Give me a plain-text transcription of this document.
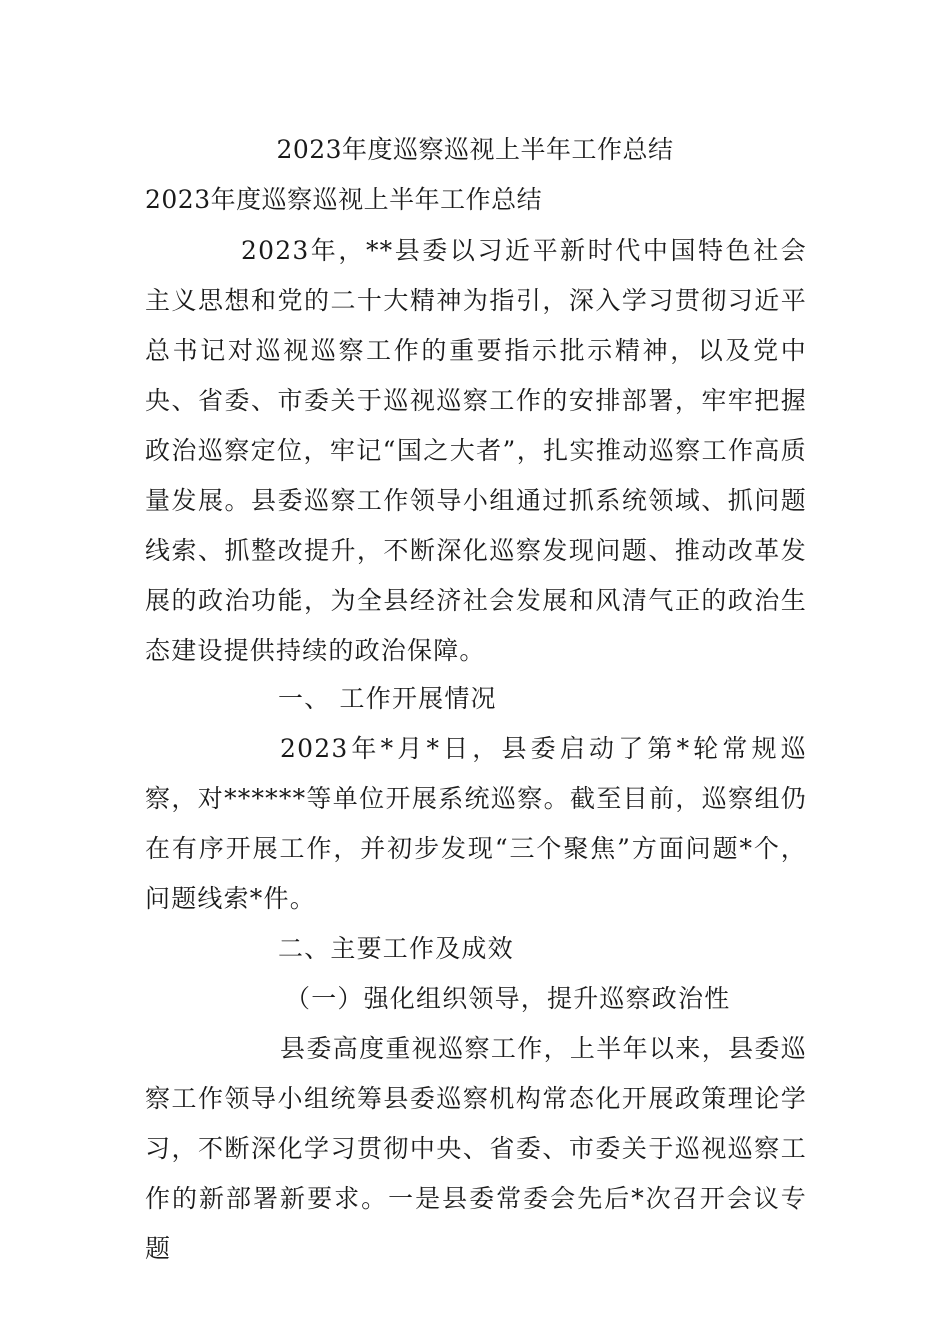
2023年度巡察巡视上半年工作总结
2023年度巡察巡视上半年工作总结

2023年，**县委以习近平新时代中国特色社会主义思想和党的二十大精神为指引，深入学习贯彻习近平总书记对巡视巡察工作的重要指示批示精神，以及党中央、省委、市委关于巡视巡察工作的安排部署，牢牢把握政治巡察定位，牢记“国之大者”，扎实推动巡察工作高质量发展。县委巡察工作领导小组通过抓系统领域、抓问题线索、抓整改提升，不断深化巡察发现问题、推动改革发展的政治功能，为全县经济社会发展和风清气正的政治生态建设提供持续的政治保障。

一、 工作开展情况

2023年*月*日，县委启动了第*轮常规巡察，对******等单位开展系统巡察。截至目前，巡察组仍在有序开展工作，并初步发现“三个聚焦”方面问题*个，问题线索*件。

二、主要工作及成效

（一）强化组织领导，提升巡察政治性

县委高度重视巡察工作，上半年以来，县委巡察工作领导小组统筹县委巡察机构常态化开展政策理论学习，不断深化学习贯彻中央、省委、市委关于巡视巡察工作的新部署新要求。一是县委常委会先后*次召开会议专题
